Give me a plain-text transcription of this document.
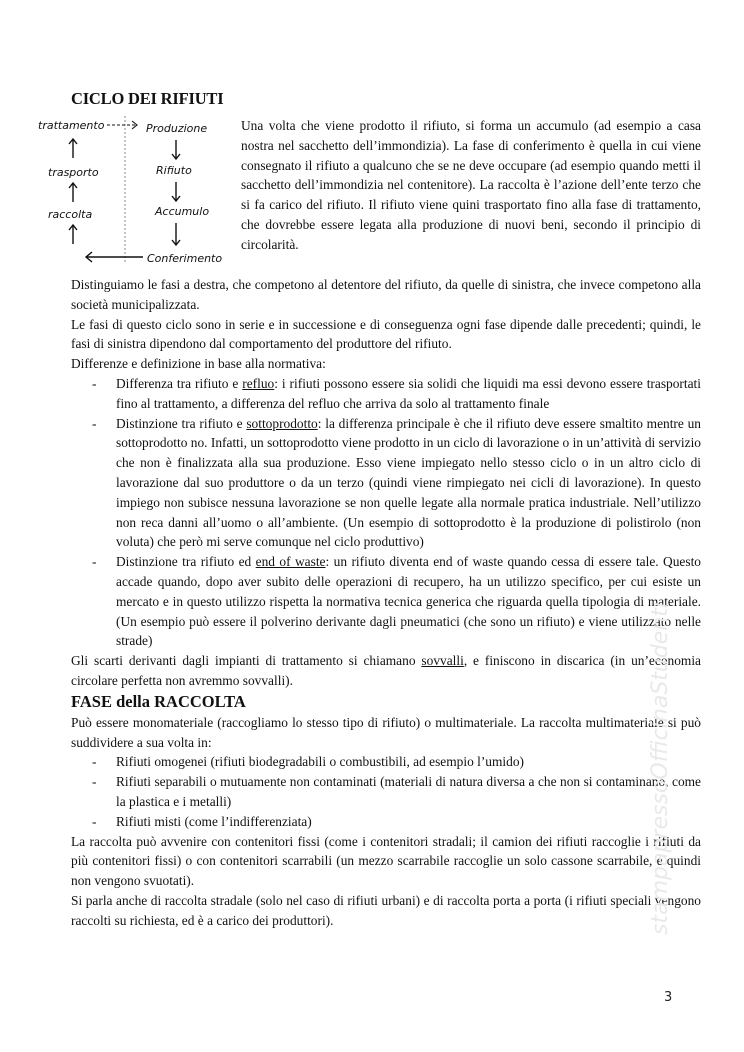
CICLO DEI RIFIUTI
trattamento
trasporto
raccolta
Produzione
Rifiuto
Accumulo
Conferimento
Una volta che viene prodotto il rifiuto, si forma un accumulo (ad esempio a casa nostra nel sacchetto dell’immondizia). La fase di conferimento è quella in cui viene consegnato il rifiuto a qualcuno che se ne deve occupare (ad esempio quando metti il sacchetto dell’immondizia nel contenitore). La raccolta è l’azione dell’ente terzo che si fa carico del rifiuto. Il rifiuto viene quini trasportato fino alla fase di trattamento, che dovrebbe essere legata alla produzione di nuovi beni, secondo il principio di circolarità.

Distinguiamo le fasi a destra, che competono al detentore del rifiuto, da quelle di sinistra, che invece competono alla società municipalizzata.

Le fasi di questo ciclo sono in serie e in successione e di conseguenza ogni fase dipende dalle precedenti; quindi, le fasi di sinistra dipendono dal comportamento del produttore del rifiuto.

Differenze e definizione in base alla normativa:

- Differenza tra rifiuto e refluo: i rifiuti possono essere sia solidi che liquidi ma essi devono essere trasportati fino al trattamento, a differenza del refluo che arriva da solo al trattamento finale
- Distinzione tra rifiuto e sottoprodotto: la differenza principale è che il rifiuto deve essere smaltito mentre un sottoprodotto no. Infatti, un sottoprodotto viene prodotto in un ciclo di lavorazione o in un’attività di servizio che non è finalizzata alla sua produzione. Esso viene impiegato nello stesso ciclo o in un altro ciclo di lavorazione dal suo produttore o da un terzo (quindi viene rimpiegato nei cicli di lavorazione). In questo impiego non subisce nessuna lavorazione se non quelle legate alla normale pratica industriale. Nell’utilizzo non reca danni all’uomo o all’ambiente. (Un esempio di sottoprodotto è la produzione di polistirolo (non voluta) che però mi serve comunque nel ciclo produttivo)
- Distinzione tra rifiuto ed end of waste: un rifiuto diventa end of waste quando cessa di essere tale. Questo accade quando, dopo aver subito delle operazioni di recupero, ha un utilizzo specifico, per cui esiste un mercato e in questo utilizzo rispetta la normativa tecnica generica che riguarda quella tipologia di materiale. (Un esempio può essere il polverino derivante dagli pneumatici (che sono un rifiuto) e viene utilizzato nelle strade)

Gli scarti derivanti dagli impianti di trattamento si chiamano sovvalli, e finiscono in discarica (in un’economia circolare perfetta non avremmo sovvalli).

FASE della RACCOLTA

Può essere monomateriale (raccogliamo lo stesso tipo di rifiuto) o multimateriale. La raccolta multimateriale si può suddividere a sua volta in:

- Rifiuti omogenei (rifiuti biodegradabili o combustibili, ad esempio l’umido)
- Rifiuti separabili o mutuamente non contaminati (materiali di natura diversa a che non si contaminano, come la plastica e i metalli)
- Rifiuti misti (come l’indifferenziata)

La raccolta può avvenire con contenitori fissi (come i contenitori stradali; il camion dei rifiuti raccoglie i rifiuti da più contenitori fissi) o con contenitori scarrabili (un mezzo scarrabile raccoglie un solo cassone scarrabile, e quindi non vengono svuotati).

Si parla anche di raccolta stradale (solo nel caso di rifiuti urbani) e di raccolta porta a porta (i rifiuti speciali vengono raccolti su richiesta, ed è a carico dei produttori).	stampapressoOfficinaStudenti
3
